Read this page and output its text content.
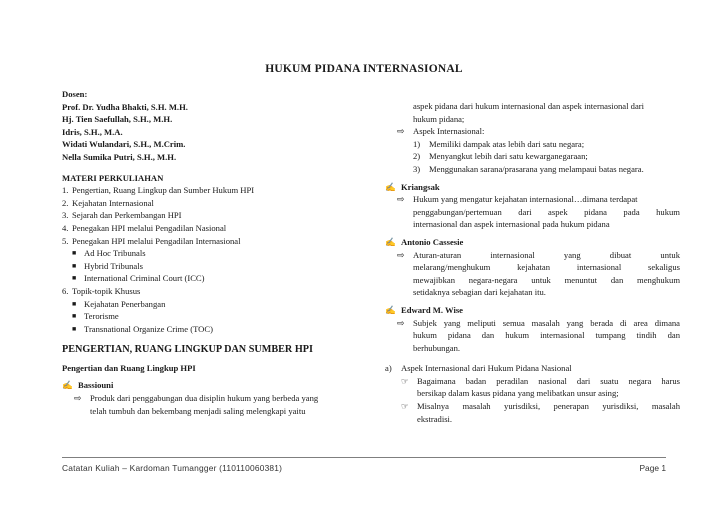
HUKUM PIDANA INTERNASIONAL
Dosen:
Prof. Dr. Yudha Bhakti, S.H. M.H.
Hj. Tien Saefullah, S.H., M.H.
Idris, S.H., M.A.
Widati Wulandari, S.H., M.Crim.
Nella Sumika Putri, S.H., M.H.
MATERI PERKULIAHAN
1. Pengertian, Ruang Lingkup dan Sumber Hukum HPI
2. Kejahatan Internasional
3. Sejarah dan Perkembangan HPI
4. Penegakan HPI melalui Pengadilan Nasional
5. Penegakan HPI melalui Pengadilan Internasional
■ Ad Hoc Tribunals
■ Hybrid Tribunals
■ International Criminal Court (ICC)
6. Topik-topik Khusus
■ Kejahatan Penerbangan
■ Terorisme
■ Transnational Organize Crime (TOC)
PENGERTIAN, RUANG LINGKUP DAN SUMBER HPI
Pengertian dan Ruang Lingkup HPI
✍ Bassiouni
⇨ Produk dari penggabungan dua disiplin hukum yang berbeda yang
telah tumbuh dan bekembang menjadi saling melengkapi yaitu
aspek pidana dari hukum internasional dan aspek internasional dari
hukum pidana;
⇨ Aspek Internasional:
1)	Memiliki dampak atas lebih dari satu negara;
2)	Menyangkut lebih dari satu kewarganegaraan;
3)	Menggunakan sarana/prasarana yang melampaui batas negara.
✍ Kriangsak
⇨ Hukum yang mengatur kejahatan internasional…dimana terdapat
penggabungan/pertemuan dari aspek pidana pada hukum
internasional dan aspek internasional pada hukum pidana
✍ Antonio Cassesie
⇨ Aturan-aturan internasional yang dibuat untuk
melarang/menghukum kejahatan internasional sekaligus
mewajibkan negara-negara untuk menuntut dan menghukum
setidaknya sebagian dari kejahatan itu.
✍ Edward M. Wise
⇨ Subjek yang meliputi semua masalah yang berada di area dimana
hukum pidana dan hukum internasional tumpang tindih dan
berhubungan.
a)	Aspek Internasional dari Hukum Pidana Nasional
☞ Bagaimana badan peradilan nasional dari suatu negara harus
bersikap dalam kasus pidana yang melibatkan unsur asing;
☞ Misalnya masalah yurisdiksi, penerapan yurisdiksi, masalah
ekstradisi.
Catatan Kuliah – Kardoman Tumangger (110110060381)	Page 1
